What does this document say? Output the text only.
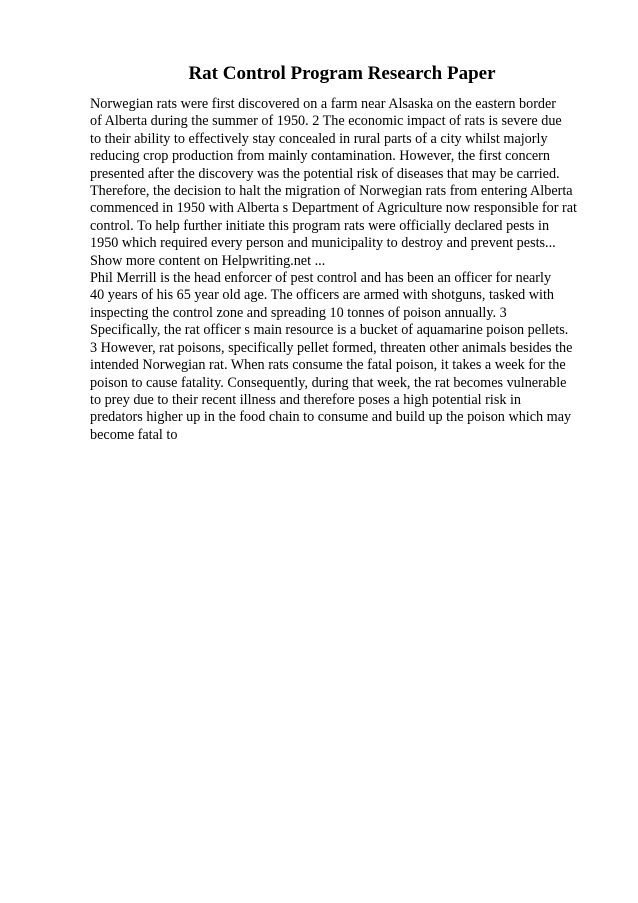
Rat Control Program Research Paper
Norwegian rats were first discovered on a farm near Alsaska on the eastern border
of Alberta during the summer of 1950. 2 The economic impact of rats is severe due
to their ability to effectively stay concealed in rural parts of a city whilst majorly
reducing crop production from mainly contamination. However, the first concern
presented after the discovery was the potential risk of diseases that may be carried.
Therefore, the decision to halt the migration of Norwegian rats from entering Alberta
commenced in 1950 with Alberta s Department of Agriculture now responsible for rat
control. To help further initiate this program rats were officially declared pests in
1950 which required every person and municipality to destroy and prevent pests...
Show more content on Helpwriting.net ...
Phil Merrill is the head enforcer of pest control and has been an officer for nearly
40 years of his 65 year old age. The officers are armed with shotguns, tasked with
inspecting the control zone and spreading 10 tonnes of poison annually. 3
Specifically, the rat officer s main resource is a bucket of aquamarine poison pellets.
3 However, rat poisons, specifically pellet formed, threaten other animals besides the
intended Norwegian rat. When rats consume the fatal poison, it takes a week for the
poison to cause fatality. Consequently, during that week, the rat becomes vulnerable
to prey due to their recent illness and therefore poses a high potential risk in
predators higher up in the food chain to consume and build up the poison which may
become fatal to
